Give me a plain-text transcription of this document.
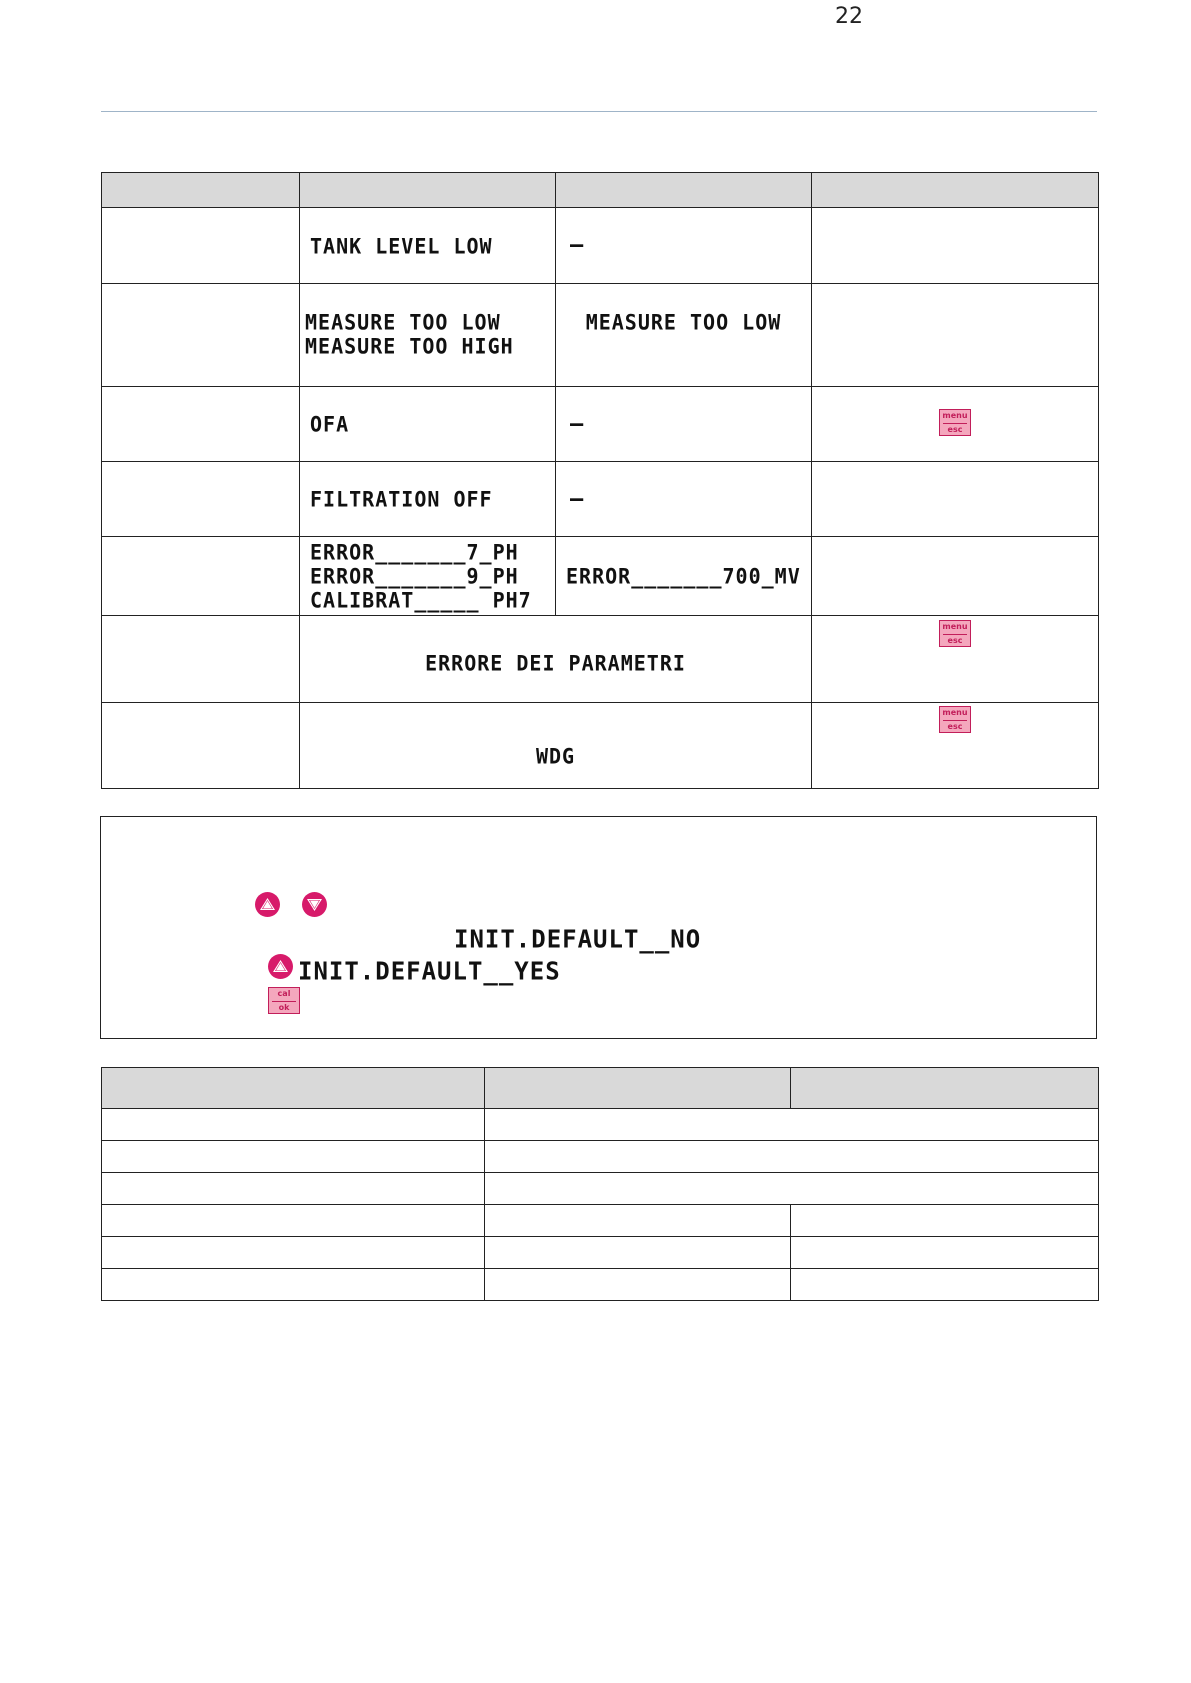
22

	TANK LEVEL LOW	–	

	MEASURE TOO LOW
MEASURE TOO HIGH	MEASURE TOO LOW	

	OFA	–	menu
esc

	FILTRATION OFF	–	

	ERROR_______7_PH
ERROR_______9_PH
CALIBRAT_____ PH7	ERROR_______700_MV	

	ERRORE DEI PARAMETRI		menu
esc

	WDG		menu
esc
INIT.DEFAULT__NO
INIT.DEFAULT__YES
cal
ok
